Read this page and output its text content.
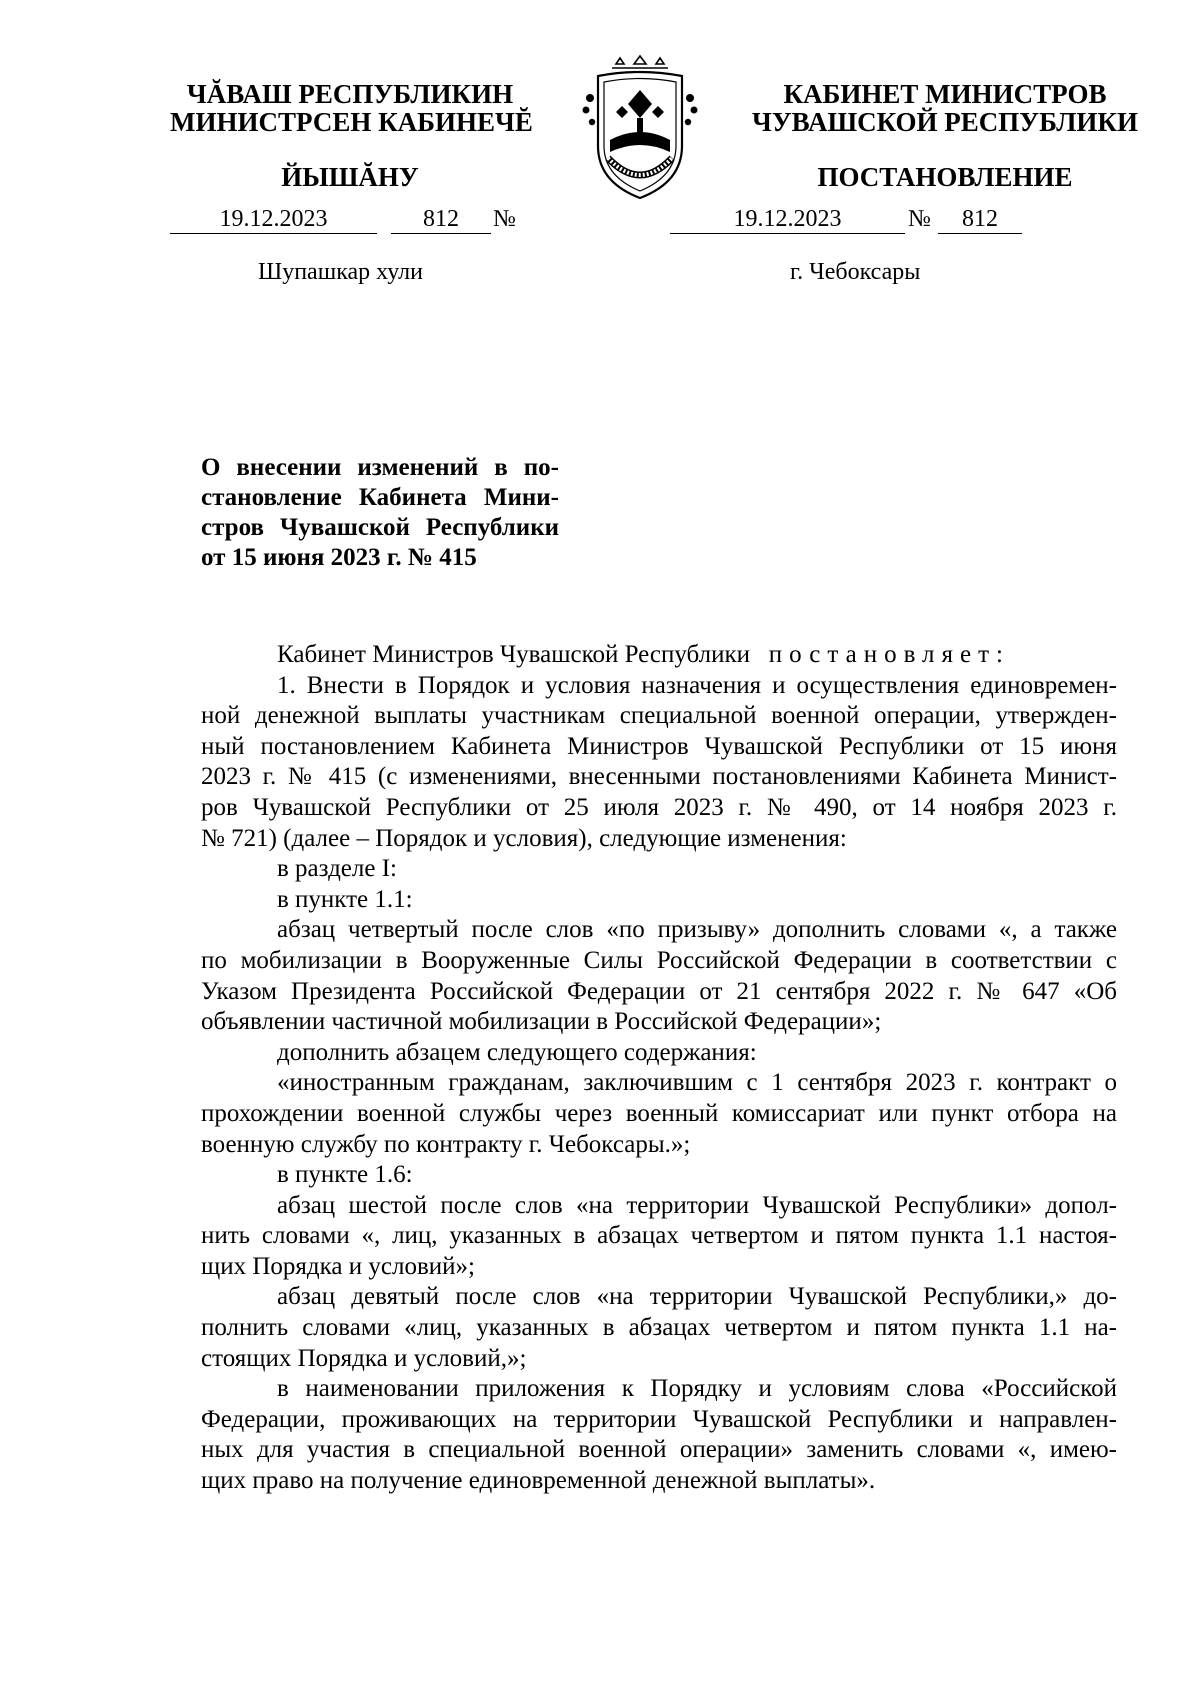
ЧĂВАШ РЕСПУБЛИКИН
МИНИСТРСЕН КАБИНЕЧĔ
ЙЫШĂНУ
КАБИНЕТ МИНИСТРОВ
ЧУВАШСКОЙ РЕСПУБЛИКИ
ПОСТАНОВЛЕНИЕ
19.12.2023	812	№	19.12.2023	№	812
Шупашкар хули	г. Чебоксары
О внесении изменений в по-
становление Кабинета Мини-
стров Чувашской Республики
от 15 июня 2023 г. № 415
Кабинет Министров Чувашской Республики постановляет:
1. Внести в Порядок и условия назначения и осуществления единовремен-
ной денежной выплаты участникам специальной военной операции, утвержден-
ный постановлением Кабинета Министров Чувашской Республики от 15 июня
2023 г. № 415 (с изменениями, внесенными постановлениями Кабинета Минист-
ров Чувашской Республики от 25 июля 2023 г. № 490, от 14 ноября 2023 г.
№ 721) (далее – Порядок и условия), следующие изменения:
в разделе I:
в пункте 1.1:
абзац четвертый после слов «по призыву» дополнить словами «, а также
по мобилизации в Вооруженные Силы Российской Федерации в соответствии с
Указом Президента Российской Федерации от 21 сентября 2022 г. № 647 «Об
объявлении частичной мобилизации в Российской Федерации»;
дополнить абзацем следующего содержания:
«иностранным гражданам, заключившим с 1 сентября 2023 г. контракт о
прохождении военной службы через военный комиссариат или пункт отбора на
военную службу по контракту г. Чебоксары.»;
в пункте 1.6:
абзац шестой после слов «на территории Чувашской Республики» допол-
нить словами «, лиц, указанных в абзацах четвертом и пятом пункта 1.1 настоя-
щих Порядка и условий»;
абзац девятый после слов «на территории Чувашской Республики,» до-
полнить словами «лиц, указанных в абзацах четвертом и пятом пункта 1.1 на-
стоящих Порядка и условий,»;
в наименовании приложения к Порядку и условиям слова «Российской
Федерации, проживающих на территории Чувашской Республики и направлен-
ных для участия в специальной военной операции» заменить словами «, имею-
щих право на получение единовременной денежной выплаты».
